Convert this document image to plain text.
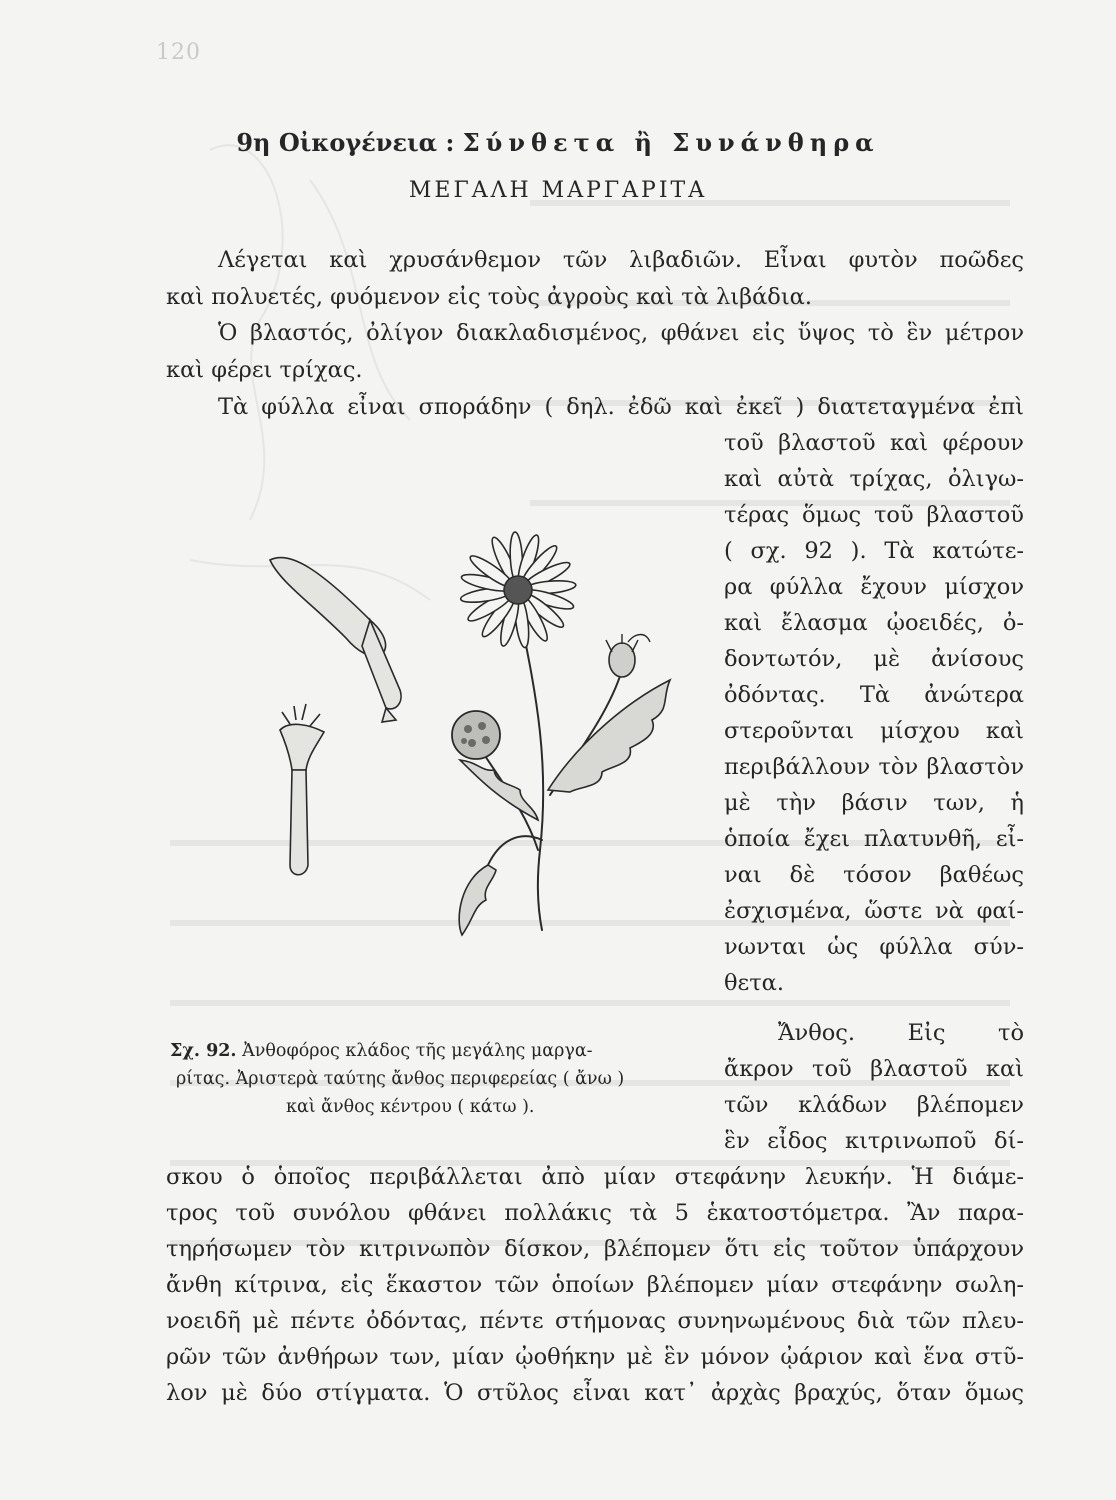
120
9η Οἰκογένεια : Σύνθετα ἢ Συνάνθηρα
ΜΕΓΑΛΗ ΜΑΡΓΑΡΙΤΑ
Λέγεται καὶ χρυσάνθεμον τῶν λιβαδιῶν. Εἶναι φυτὸν ποῶδες
καὶ πολυετές, φυόμενον εἰς τοὺς ἀγροὺς καὶ τὰ λιβάδια.
Ὁ βλαστός, ὀλίγον διακλαδισμένος, φθάνει εἰς ὕψος τὸ ἓν μέτρον
καὶ φέρει τρίχας.
Τὰ φύλλα εἶναι σποράδην ( δηλ. ἐδῶ καὶ ἐκεῖ ) διατεταγμένα ἐπὶ
τοῦ βλαστοῦ καὶ φέρουν
καὶ αὐτὰ τρίχας, ὀλιγω-
τέρας ὅμως τοῦ βλαστοῦ
( σχ. 92 ). Τὰ κατώτε-
ρα φύλλα ἔχουν μίσχον
καὶ ἔλασμα ᾠοειδές, ὀ-
δοντωτόν, μὲ ἀνίσους
ὀδόντας. Τὰ ἀνώτερα
στεροῦνται μίσχου καὶ
περιβάλλουν τὸν βλαστὸν
μὲ τὴν βάσιν των, ἡ
ὁποία ἔχει πλατυνθῆ, εἶ-
ναι δὲ τόσον βαθέως
ἐσχισμένα, ὥστε νὰ φαί-
νωνται ὡς φύλλα σύν-
θετα.
Ἄνθος. Εἰς τὸ
ἄκρον τοῦ βλαστοῦ καὶ
τῶν κλάδων βλέπομεν
ἓν εἶδος κιτρινωποῦ δί-
Σχ. 92. Ἀνθοφόρος κλάδος τῆς μεγάλης μαργα-
ρίτας. Ἀριστερὰ ταύτης ἄνθος περιφερείας ( ἄνω )
καὶ ἄνθος κέντρου ( κάτω ).
σκου ὁ ὁποῖος περιβάλλεται ἀπὸ μίαν στεφάνην λευκήν. Ἡ διάμε-
τρος τοῦ συνόλου φθάνει πολλάκις τὰ 5 ἑκατοστόμετρα. Ἂν παρα-
τηρήσωμεν τὸν κιτρινωπὸν δίσκον, βλέπομεν ὅτι εἰς τοῦτον ὑπάρχουν
ἄνθη κίτρινα, εἰς ἕκαστον τῶν ὁποίων βλέπομεν μίαν στεφάνην σωλη-
νοειδῆ μὲ πέντε ὀδόντας, πέντε στήμονας συνηνωμένους διὰ τῶν πλευ-
ρῶν τῶν ἀνθήρων των, μίαν ᾠοθήκην μὲ ἓν μόνον ᾠάριον καὶ ἕνα στῦ-
λον μὲ δύο στίγματα. Ὁ στῦλος εἶναι κατ᾽ ἀρχὰς βραχύς, ὅταν ὅμως
